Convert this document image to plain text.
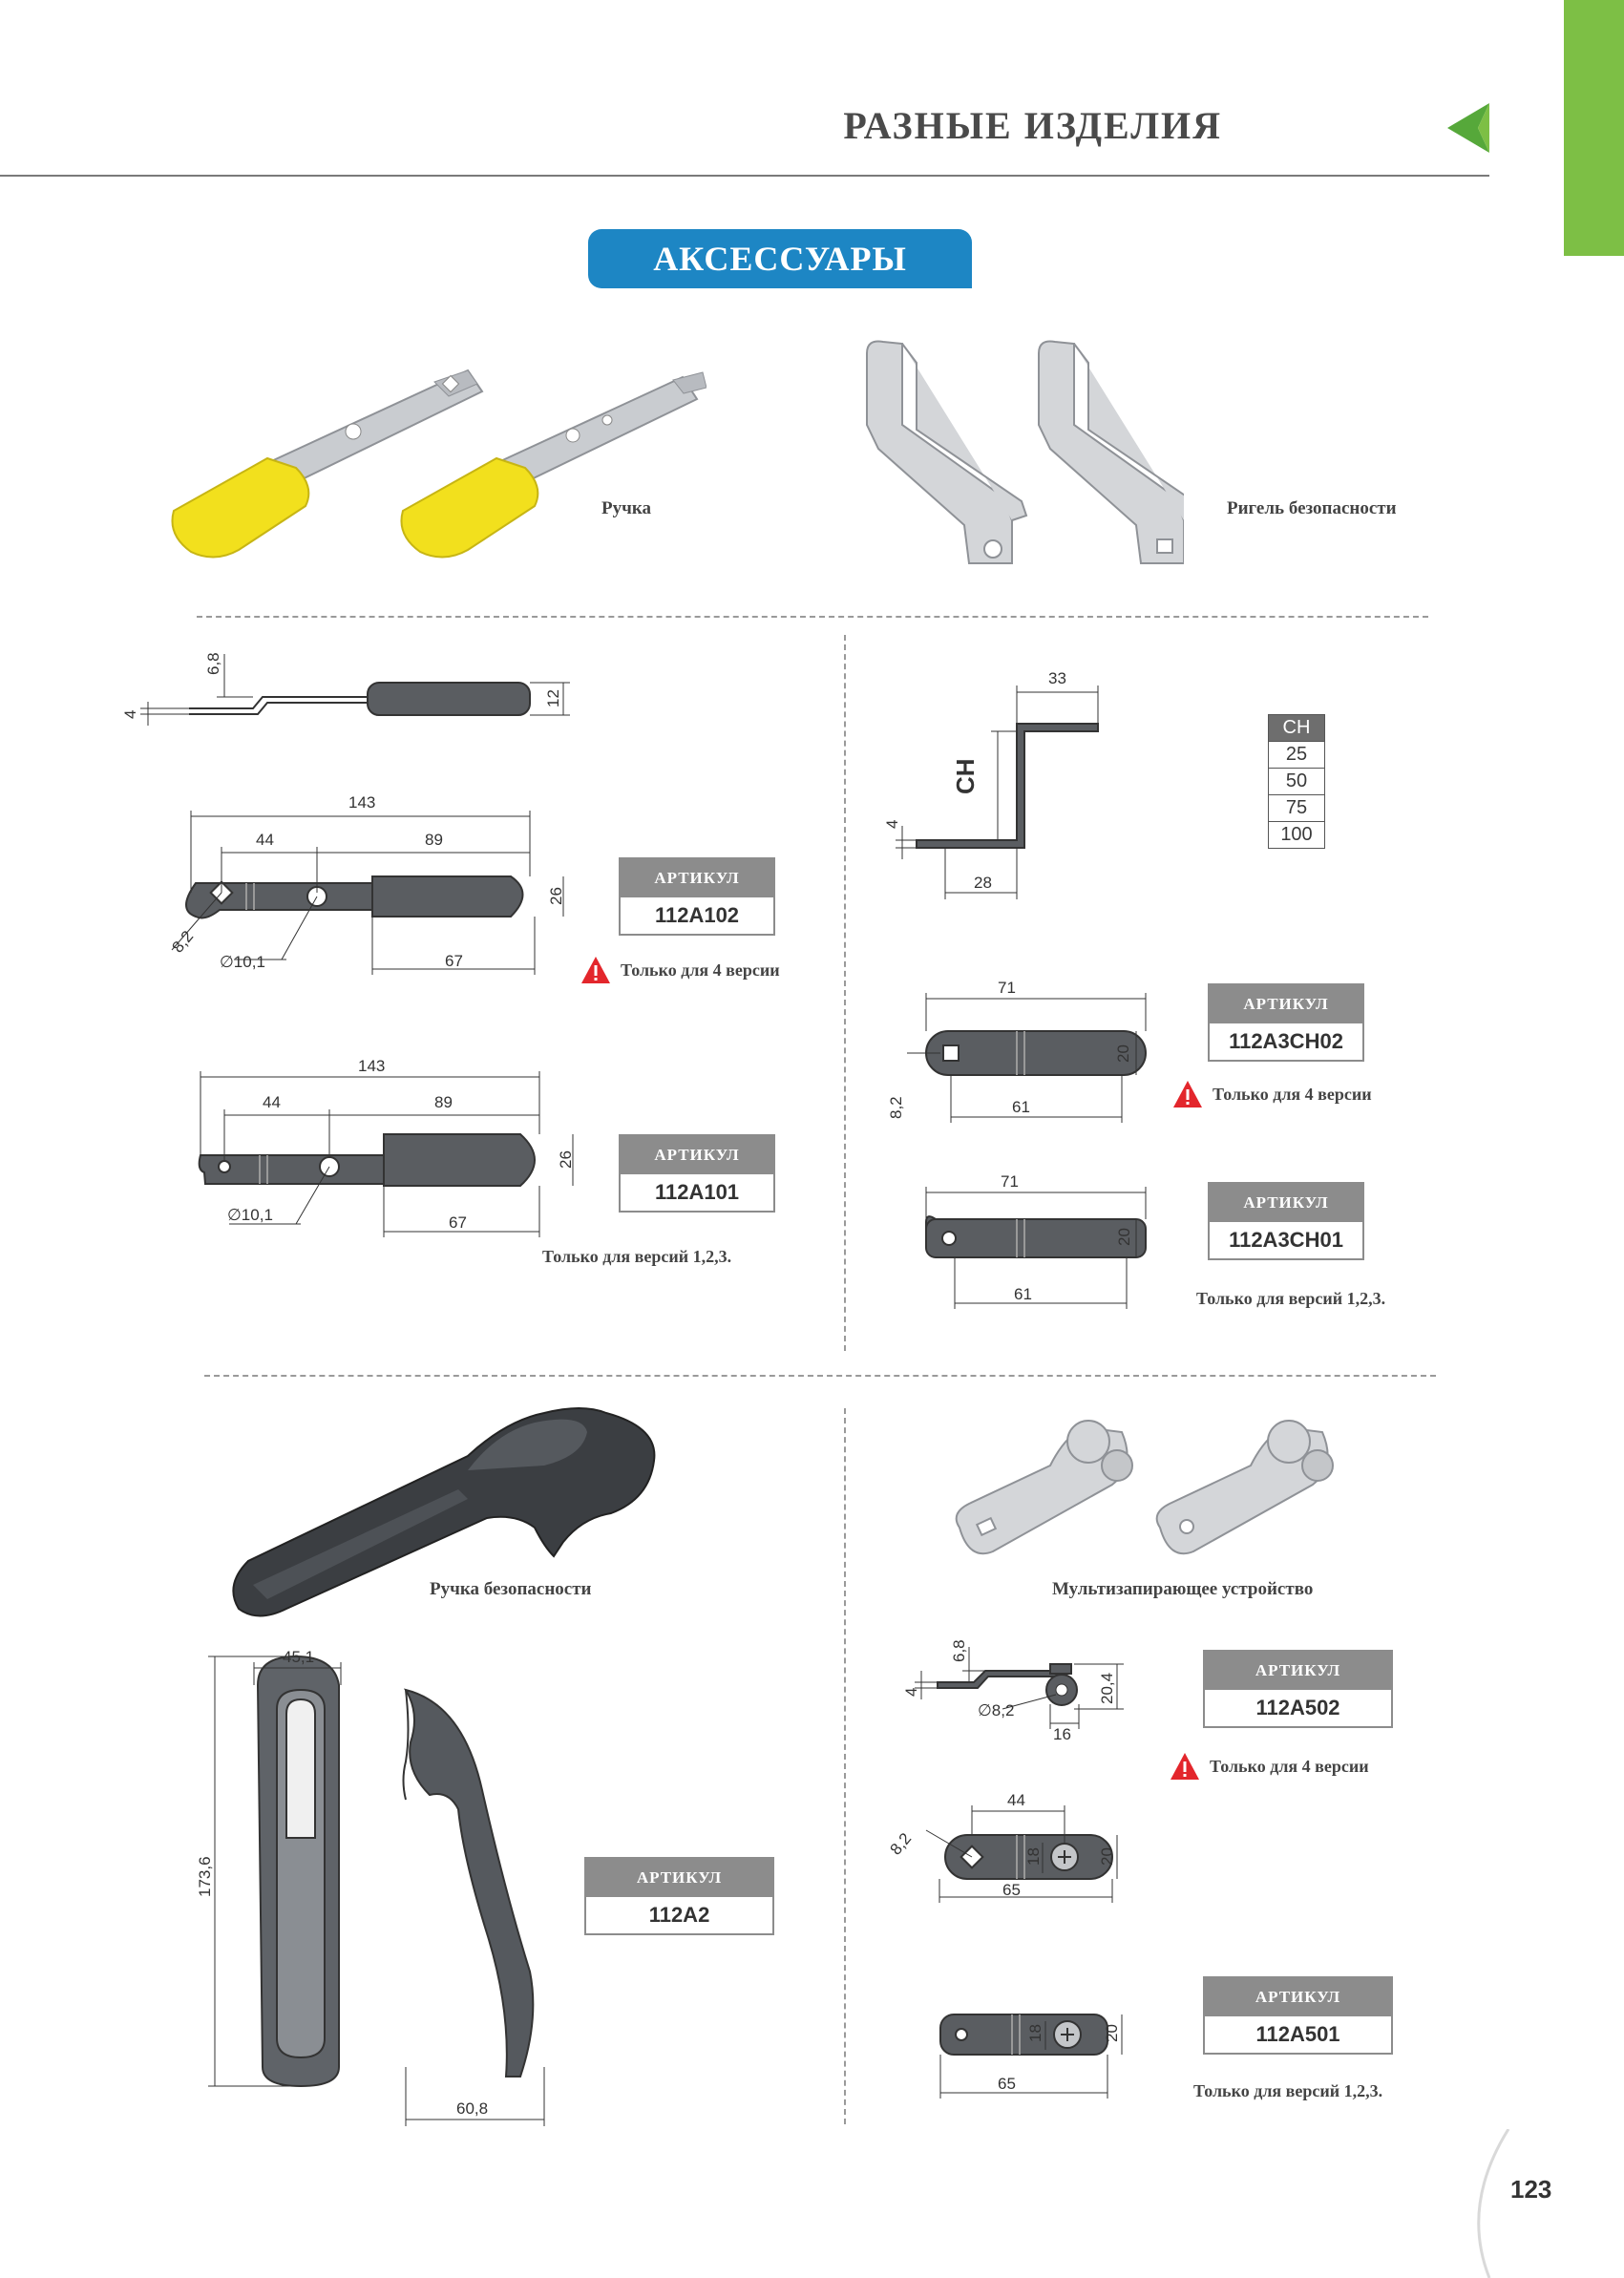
РАЗНЫЕ ИЗДЕЛИЯ
АКСЕССУАРЫ
Ручка	Ригель безопасности
4
6,8
12
143
44	89
67
26
8,2
∅10,1
АРТИКУЛ
112A102
Только для 4 версии
143
44	89
67
26
∅10,1
АРТИКУЛ
112A101
Только для версий 1,2,3.
33
CH
4
28
CH
25
50
75
100
71
61
20
8,2
АРТИКУЛ
112A3CH02
Только для 4 версии
71
61
20
АРТИКУЛ
112A3CH01
Только для версий 1,2,3.
Ручка безопасности
45,1
173,6
60,8
АРТИКУЛ
112A2
Мультизапирающее устройство
4
6,8
20,4
∅8,2
16
АРТИКУЛ
112A502
Только для 4 версии
44
65
20
18
8,2
65
20
18
АРТИКУЛ
112A501
Только для версий 1,2,3.
123
